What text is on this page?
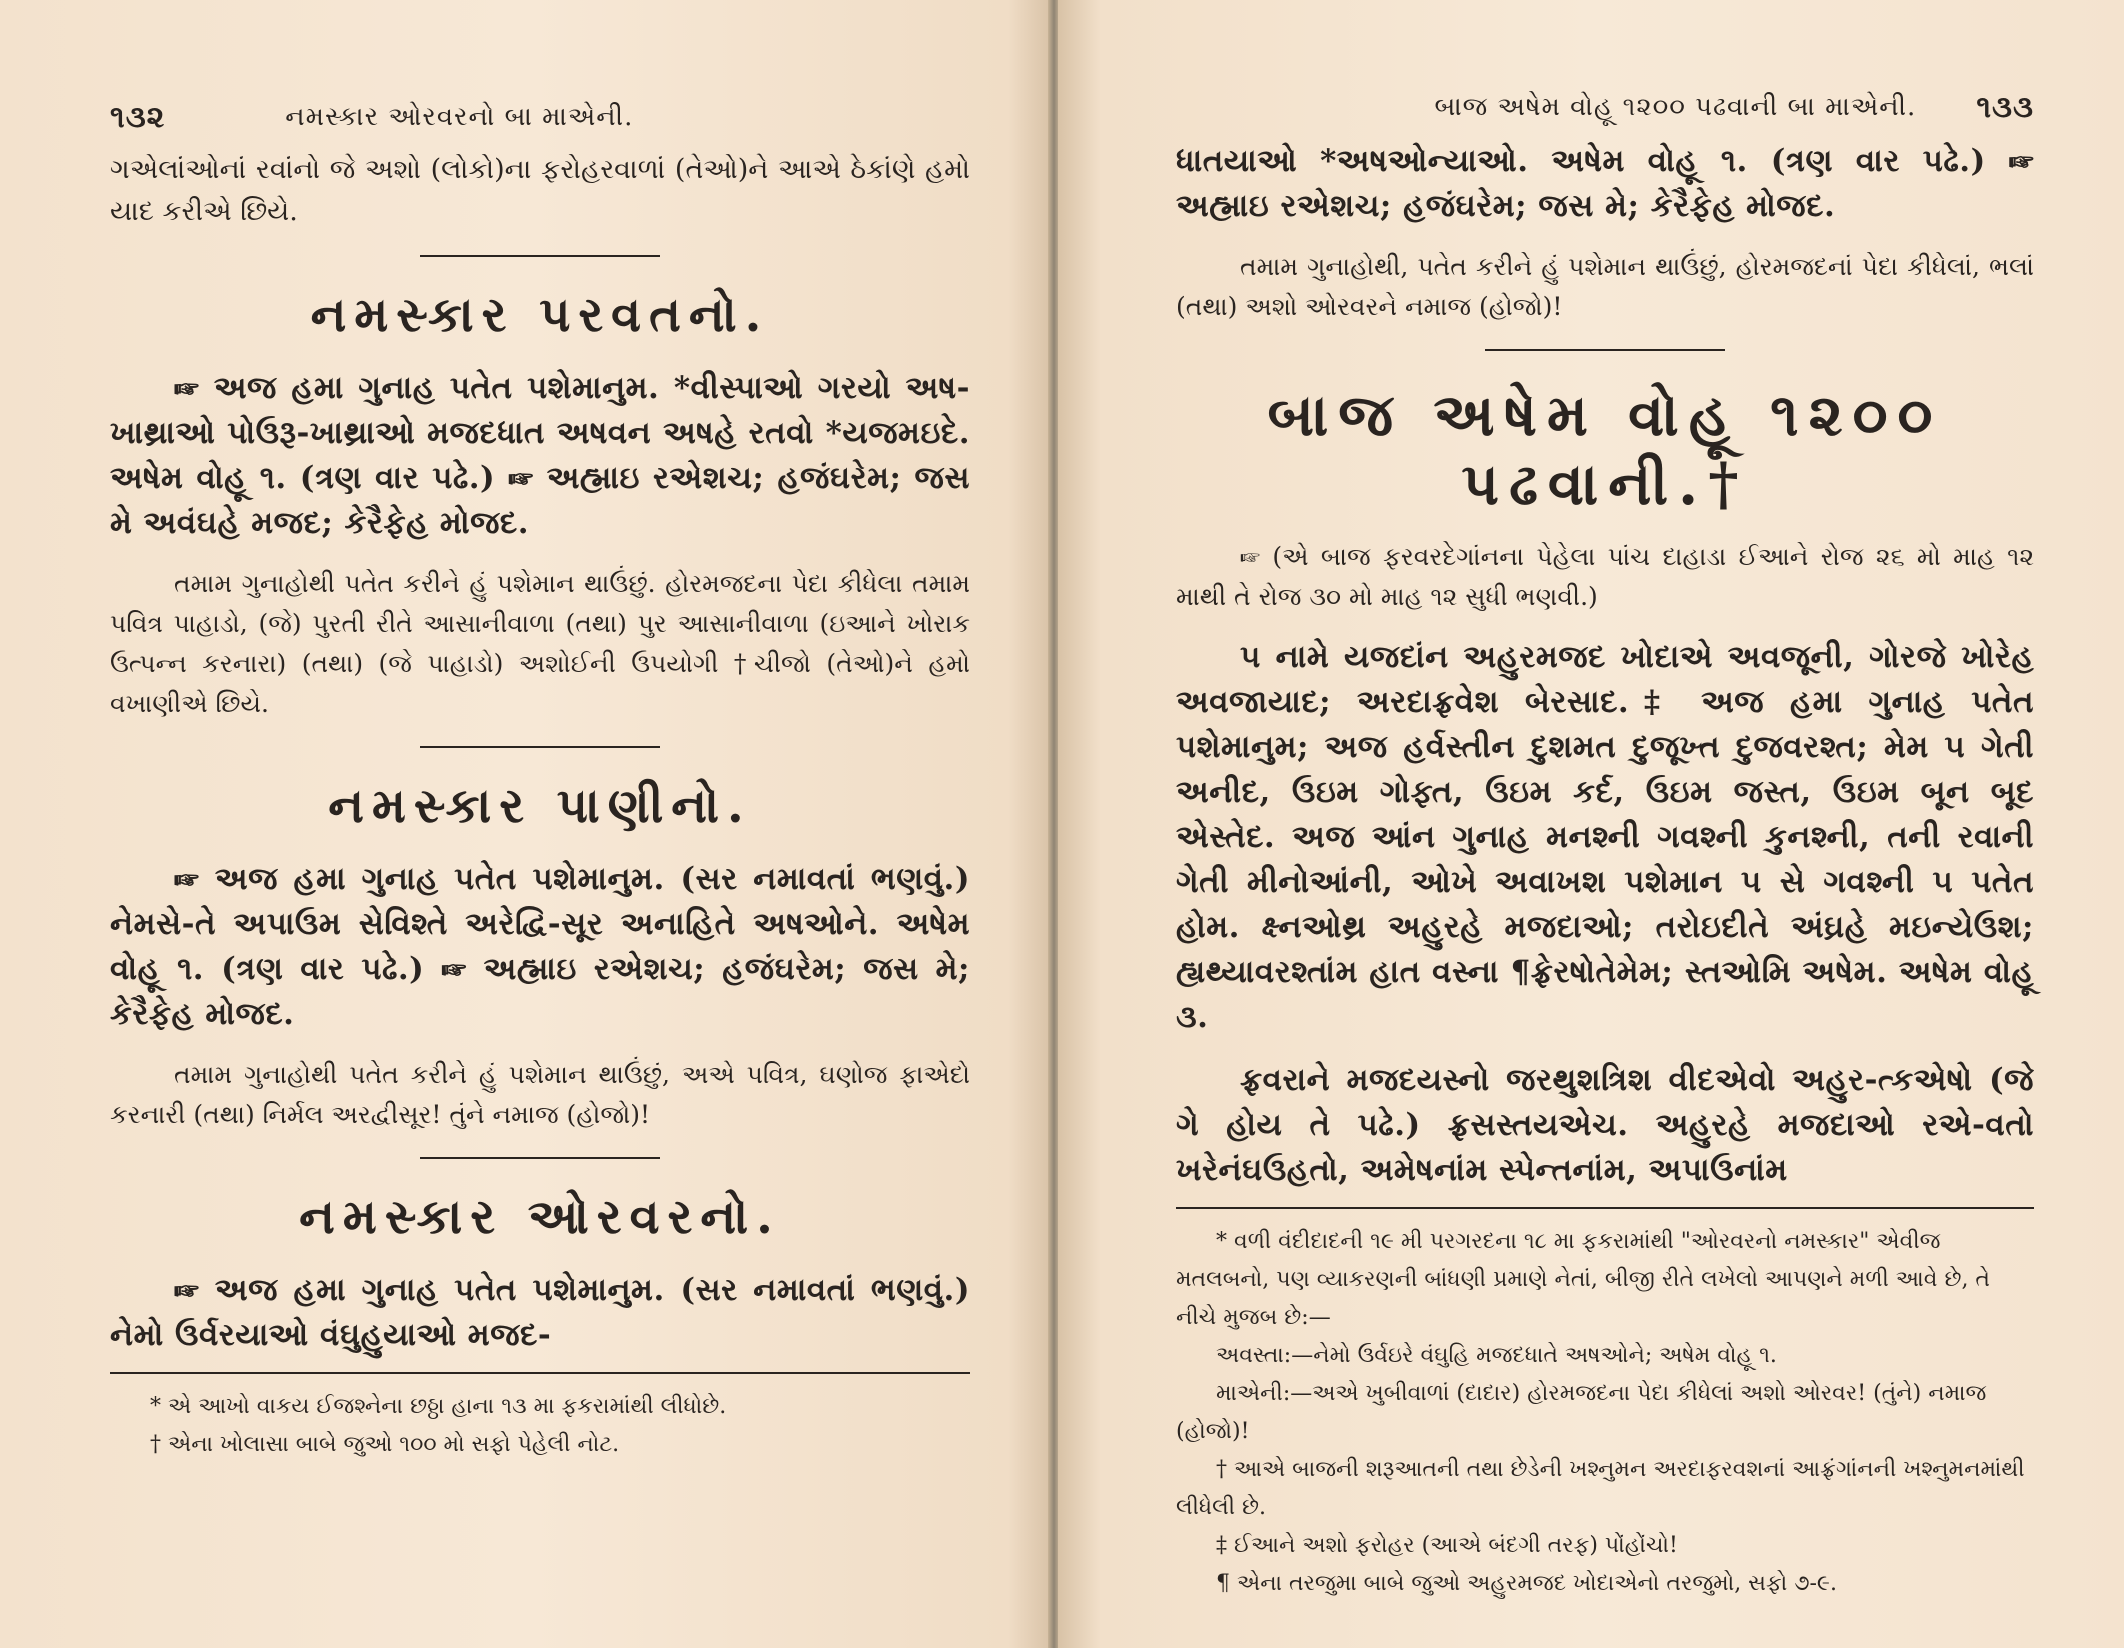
૧૩૨	નમસ્કાર ઓરવરનો બા માએની.

ગએલાંઓનાં રવાંનો જે અશો (લોકો)ના ફરોહરવાળાં (તેઓ)ને આએ ઠેકાંણે હમો યાદ કરીએ છિયે.

નમસ્કાર પરવતનો.

☞ અજ હમા ગુનાહ પતેત પશેમાનુમ. *વીસ્પાઓ ગરયો અષ-ખાથ્રાઓ પોઉરૂ-ખાથ્રાઓ મજદધાત અષવન અષહે રતવો *યજમઇદે. અષેમ વોહૂ ૧. (ત્રણ વાર પઢે.) ☞ અહ્માઇ રએશચ; હજંઘરેમ; જસ મે અવંઘહે મજદ; કેરૈફેહ મોજદ.

તમામ ગુનાહોથી પતેત કરીને હું પશેમાન થાઉંછું. હોરમજદના પેદા કીધેલા તમામ પવિત્ર પાહાડો, (જે) પુરતી રીતે આસાનીવાળા (તથા) પુર આસાનીવાળા (ઇઆને ખોરાક ઉત્પન્ન કરનારા) (તથા) (જે પાહાડો) અશોઈની ઉપયોગી †ચીજો (તેઓ)ને હમો વખાણીએ છિયે.

નમસ્કાર પાણીનો.

☞ અજ હમા ગુનાહ પતેત પશેમાનુમ. (સર નમાવતાં ભણવું.) નેમસે-તે અપાઉમ સેવિશ્તે અરેદ્વિ-સૂર અનાહિતે અષઓને. અષેમ વોહૂ ૧. (ત્રણ વાર પઢે.) ☞ અહ્માઇ રએશચ; હજંઘરેમ; જસ મે; કેરૈફેહ મોજદ.

તમામ ગુનાહોથી પતેત કરીને હું પશેમાન થાઉંછું, અએ પવિત્ર, ઘણોજ ફાએદો કરનારી (તથા) નિર્મલ અરદ્વીસૂર! તુંને નમાજ (હોજો)!

નમસ્કાર ઓરવરનો.

☞ અજ હમા ગુનાહ પતેત પશેમાનુમ. (સર નમાવતાં ભણવું.) નેમો ઉર્વરયાઓ વંઘુહુયાઓ મજદ-

* એ આખો વાકય ઈજશ્નેના છઠ્ઠા હાના ૧૩ મા ફકરામાંથી લીધોછે.

† એના ખોલાસા બાબે જુઓ ૧૦૦ મો સફો પેહેલી નોટ.

બાજ અષેમ વોહૂ ૧૨૦૦ પઢવાની બા માએની.	૧૩૩

ધાતયાઓ *અષઓન્યાઓ. અષેમ વોહૂ ૧. (ત્રણ વાર પઢે.) ☞ અહ્માઇ રએશચ; હજંઘરેમ; જસ મે; કેરૈફેહ મોજદ.

તમામ ગુનાહોથી, પતેત કરીને હું પશેમાન થાઉંછું, હોરમજદનાં પેદા કીધેલાં, ભલાં (તથા) અશો ઓરવરને નમાજ (હોજો)!

બાજ અષેમ વોહૂ ૧૨૦૦ પઢવાની.†

☞ (એ બાજ ફરવરદેગાંનના પેહેલા પાંચ દાહાડા ઈઆને રોજ ૨૬ મો માહ ૧૨ માથી તે રોજ ૩૦ મો માહ ૧૨ સુધી ભણવી.)

૫ નામે યજદાંન અહુરમજદ ખોદાએ અવજૂની, ગોરજે ખોરેહ અવજાયાદ; અરદાફ્રવેશ બેરસાદ.‡ અજ હમા ગુનાહ પતેત પશેમાનુમ; અજ હર્વસ્તીન દુશમત દુજૂખ્ત દુજવરશ્ત; મેમ ૫ ગેતી અનીદ, ઉઇમ ગોફ્ત, ઉઇમ કર્દ, ઉઇમ જસ્ત, ઉઇમ બૂન બૂદ એસ્તેદ. અજ આંન ગુનાહ મનશ્ની ગવશ્ની કુનશ્ની, તની રવાની ગેતી મીનોઆંની, ઓખે અવાખશ પશેમાન ૫ સે ગવશ્ની ૫ પતેત હોમ. ક્ષ્નઓથ્ર અહુરહે મજદાઓ; તરોઇદીતે અંઘ્રહે મઇન્યેઉશ; હ્યથ્યાવરશ્તાંમ હાત વસ્ના ¶ફ્રેરષોતેમેમ; સ્તઓમિ અષેમ. અષેમ વોહૂ ૩.

ફ્રવરાને મજદયસ્નો જરથુશત્રિશ વીદએવો અહુર-ત્કએષો (જે ગે હોય તે પઢે.) ફ્રસસ્તયએચ. અહુરહે મજદાઓ રએ-વતો ખરેનંઘઉહતો, અમેષનાંમ સ્પેન્તનાંમ, અપાઉનાંમ

* વળી વંદીદાદની ૧૯ મી પરગરદના ૧૮ મા ફકરામાંથી "ઓરવરનો નમસ્કાર" એવીજ મતલબનો, પણ વ્યાકરણની બાંધણી પ્રમાણે નેતાં, બીજી રીતે લખેલો આપણને મળી આવે છે, તે નીચે મુજબ છે:—

અવસ્તા:—નેમો ઉર્વઇરે વંઘુહિ મજદધાતે અષઓને; અષેમ વોહૂ ૧.

માએની:—અએ ખુબીવાળાં (દાદાર) હોરમજદના પેદા કીધેલાં અશો ઓરવર! (તુંને) નમાજ (હોજો)!

† આએ બાજની શરૂઆતની તથા છેડેની ખશ્નુમન અરદાફરવશનાં આફ્રંગાંનની ખશ્નુમનમાંથી લીધેલી છે.

‡ ઈઆને અશો ફરોહર (આએ બંદગી તરફ) પોંહોંચો!

¶ એના તરજુમા બાબે જુઓ અહુરમજદ ખોદાએનો તરજુમો, સફો ૭-૯.
